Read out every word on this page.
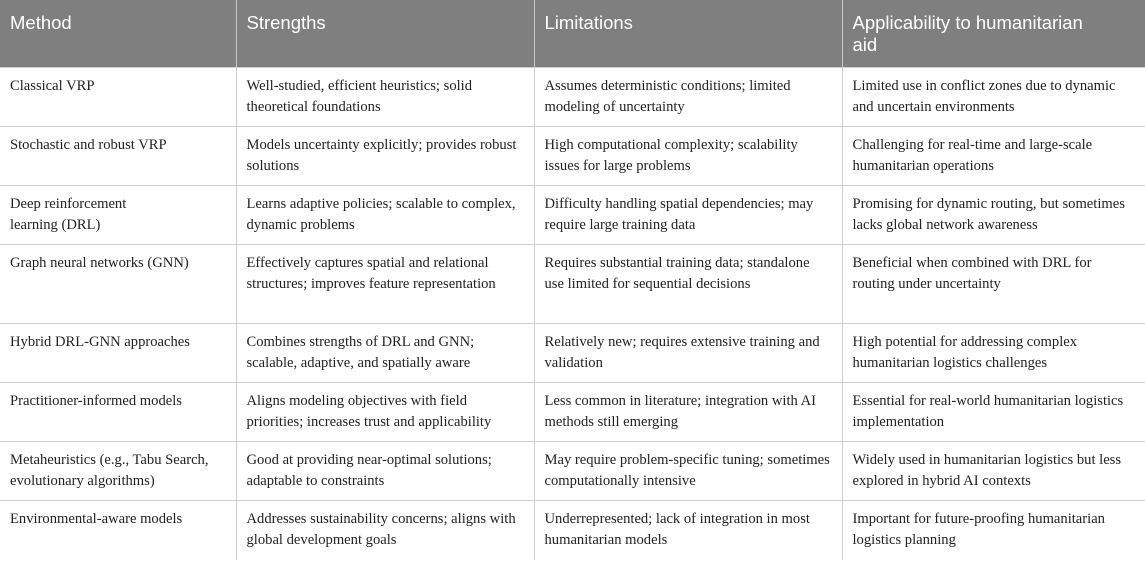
Method	Strengths	Limitations	Applicability to humanitarian aid
Classical VRP	Well-studied, efficient heuristics; solid theoretical foundations	Assumes deterministic conditions; limited modeling of uncertainty	Limited use in conflict zones due to dynamic and uncertain environments
Stochastic and robust VRP	Models uncertainty explicitly; provides robust solutions	High computational complexity; scalability issues for large problems	Challenging for real-time and large-scale humanitarian operations
Deep reinforcement learning (DRL)	Learns adaptive policies; scalable to complex, dynamic problems	Difficulty handling spatial dependencies; may require large training data	Promising for dynamic routing, but sometimes lacks global network awareness
Graph neural networks (GNN)	Effectively captures spatial and relational structures; improves feature representation	Requires substantial training data; standalone use limited for sequential decisions	Beneficial when combined with DRL for routing under uncertainty
Hybrid DRL-GNN approaches	Combines strengths of DRL and GNN; scalable, adaptive, and spatially aware	Relatively new; requires extensive training and validation	High potential for addressing complex humanitarian logistics challenges
Practitioner-informed models	Aligns modeling objectives with field priorities; increases trust and applicability	Less common in literature; integration with AI methods still emerging	Essential for real-world humanitarian logistics implementation
Metaheuristics (e.g., Tabu Search, evolutionary algorithms)	Good at providing near-optimal solutions; adaptable to constraints	May require problem-specific tuning; sometimes computationally intensive	Widely used in humanitarian logistics but less explored in hybrid AI contexts
Environmental-aware models	Addresses sustainability concerns; aligns with global development goals	Underrepresented; lack of integration in most humanitarian models	Important for future-proofing humanitarian logistics planning
